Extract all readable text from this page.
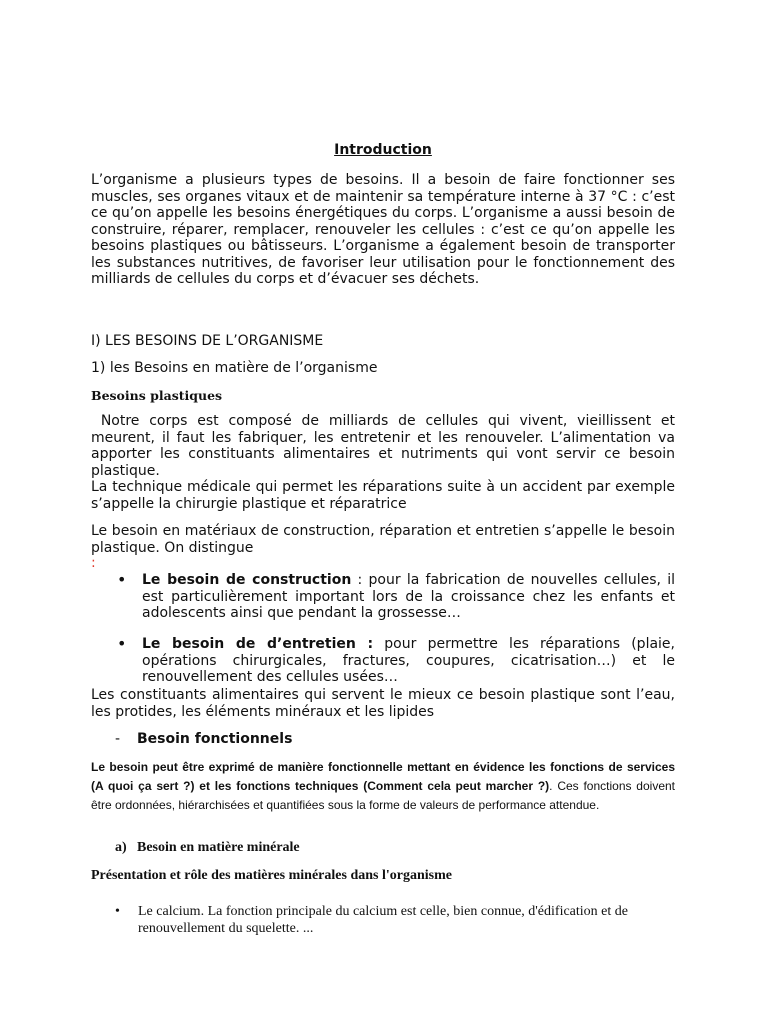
Introduction
L’organisme a plusieurs types de besoins. Il a besoin de faire fonctionner ses muscles, ses organes vitaux et de maintenir sa température interne à 37 °C : c’est ce qu’on appelle les besoins énergétiques du corps. L’organisme a aussi besoin de construire, réparer, remplacer, renouveler les cellules : c’est ce qu’on appelle les besoins plastiques ou bâtisseurs. L’organisme a également besoin de transporter les substances nutritives, de favoriser leur utilisation pour le fonctionnement des milliards de cellules du corps et d’évacuer ses déchets.
I) LES BESOINS DE L’ORGANISME
1) les Besoins en matière de l’organisme
Besoins plastiques
Notre corps est composé de milliards de cellules qui vivent, vieillissent et meurent, il faut les fabriquer, les entretenir et les renouveler. L’alimentation va apporter les constituants alimentaires et nutriments qui vont servir ce besoin plastique.
La technique médicale qui permet les réparations suite à un accident par exemple s’appelle la chirurgie plastique et réparatrice
Le besoin en matériaux de construction, réparation et entretien s’appelle le besoin plastique. On distingue
:
• Le besoin de construction : pour la fabrication de nouvelles cellules, il est particulièrement important lors de la croissance chez les enfants et adolescents ainsi que pendant la grossesse…
• Le besoin de d’entretien : pour permettre les réparations (plaie, opérations chirurgicales, fractures, coupures, cicatrisation…) et le renouvellement des cellules usées…
Les constituants alimentaires qui servent le mieux ce besoin plastique sont l’eau, les protides, les éléments minéraux et les lipides
- Besoin fonctionnels
Le besoin peut être exprimé de manière fonctionnelle mettant en évidence les fonctions de services (A quoi ça sert ?) et les fonctions techniques (Comment cela peut marcher ?). Ces fonctions doivent être ordonnées, hiérarchisées et quantifiées sous la forme de valeurs de performance attendue.
a) Besoin en matière minérale
Présentation et rôle des matières minérales dans l'organisme
• Le calcium. La fonction principale du calcium est celle, bien connue, d'édification et de renouvellement du squelette. ...
